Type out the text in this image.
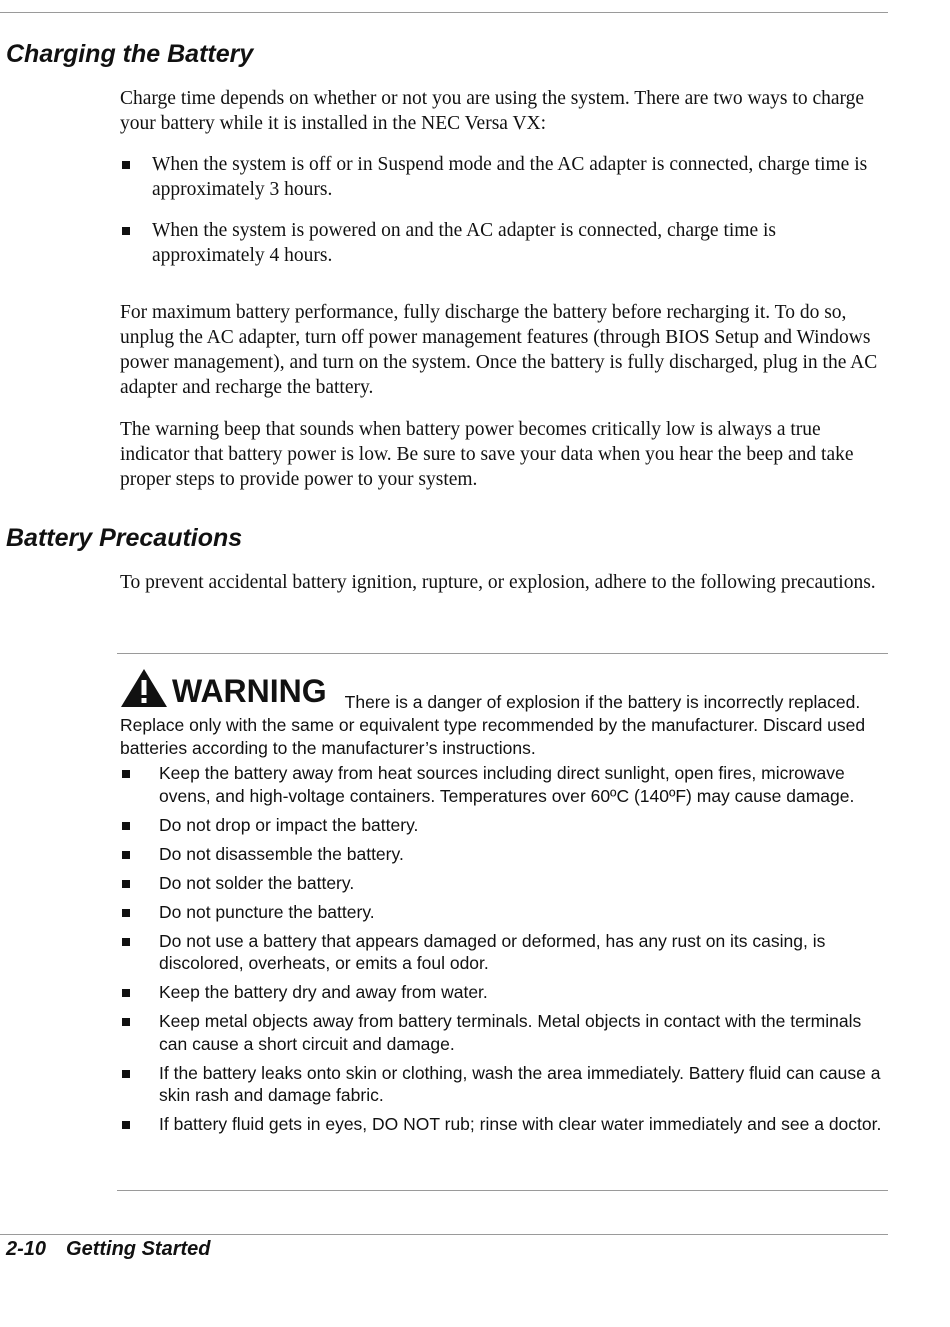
Charging the Battery

Charge time depends on whether or not you are using the system. There are two ways to charge your battery while it is installed in the NEC Versa VX:

When the system is off or in Suspend mode and the AC adapter is connected, charge time is approximately 3 hours.
When the system is powered on and the AC adapter is connected, charge time is approximately 4 hours.

For maximum battery performance, fully discharge the battery before recharging it. To do so, unplug the AC adapter, turn off power management features (through BIOS Setup and Windows power management), and turn on the system. Once the battery is fully discharged, plug in the AC adapter and recharge the battery.

The warning beep that sounds when battery power becomes critically low is always a true indicator that battery power is low. Be sure to save your data when you hear the beep and take proper steps to provide power to your system.

Battery Precautions

To prevent accidental battery ignition, rupture, or explosion, adhere to the following precautions.

WARNING There is a danger of explosion if the battery is incorrectly replaced. Replace only with the same or equivalent type recommended by the manufacturer. Discard used batteries according to the manufacturer’s instructions.
Keep the battery away from heat sources including direct sunlight, open fires, microwave ovens, and high-voltage containers. Temperatures over 60ºC (140ºF) may cause damage.
Do not drop or impact the battery.
Do not disassemble the battery.
Do not solder the battery.
Do not puncture the battery.
Do not use a battery that appears damaged or deformed, has any rust on its casing, is discolored, overheats, or emits a foul odor.
Keep the battery dry and away from water.
Keep metal objects away from battery terminals. Metal objects in contact with the terminals can cause a short circuit and damage.
If the battery leaks onto skin or clothing, wash the area immediately. Battery fluid can cause a skin rash and damage fabric.
If battery fluid gets in eyes, DO NOT rub; rinse with clear water immediately and see a doctor.
2-10 Getting Started
